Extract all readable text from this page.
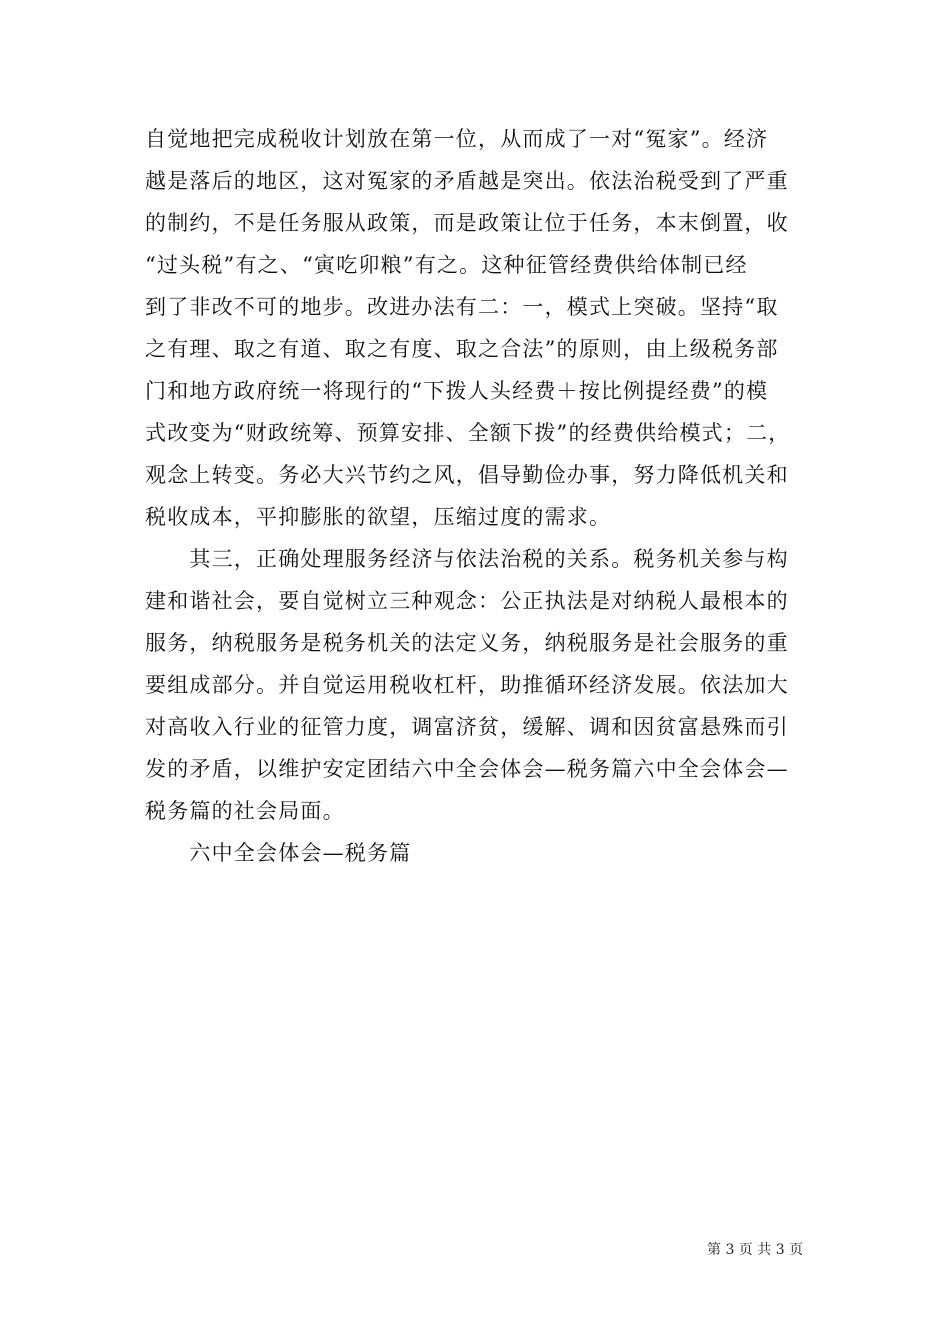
自觉地把完成税收计划放在第一位，从而成了一对“冤家”。经济
越是落后的地区，这对冤家的矛盾越是突出。依法治税受到了严重
的制约，不是任务服从政策，而是政策让位于任务，本末倒置，收
“过头税”有之、“寅吃卯粮”有之。这种征管经费供给体制已经
到了非改不可的地步。改进办法有二：一，模式上突破。坚持“取
之有理、取之有道、取之有度、取之合法”的原则，由上级税务部
门和地方政府统一将现行的“下拨人头经费＋按比例提经费”的模
式改变为“财政统筹、预算安排、全额下拨”的经费供给模式；二，
观念上转变。务必大兴节约之风，倡导勤俭办事，努力降低机关和
税收成本，平抑膨胀的欲望，压缩过度的需求。
　　其三，正确处理服务经济与依法治税的关系。税务机关参与构
建和谐社会，要自觉树立三种观念：公正执法是对纳税人最根本的
服务，纳税服务是税务机关的法定义务，纳税服务是社会服务的重
要组成部分。并自觉运用税收杠杆，助推循环经济发展。依法加大
对高收入行业的征管力度，调富济贫，缓解、调和因贫富悬殊而引
发的矛盾，以维护安定团结六中全会体会—税务篇六中全会体会—
税务篇的社会局面。
　　六中全会体会—税务篇
第 3 页 共 3 页
